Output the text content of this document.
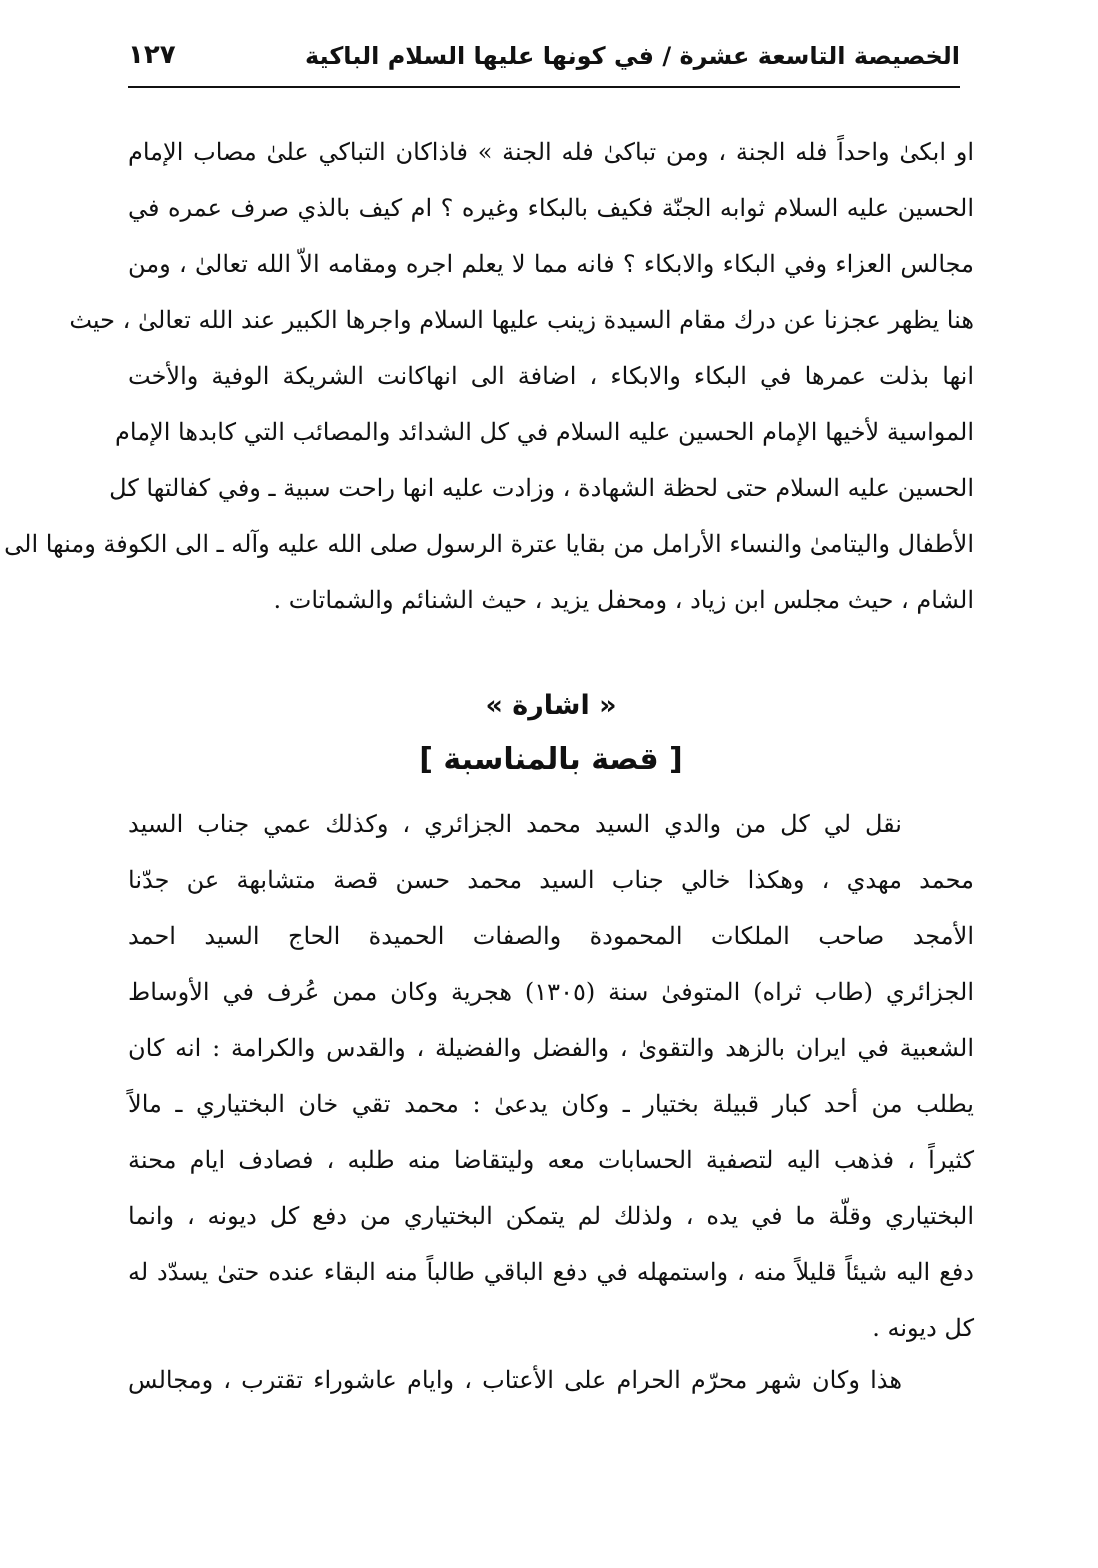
الخصيصة التاسعة عشرة / في كونها عليها السلام الباكية
١٢٧
او ابكىٰ واحداً فله الجنة ، ومن تباكىٰ فله الجنة » فاذاكان التباكي علىٰ مصاب الإمام
الحسين عليه السلام ثوابه الجنّة فكيف بالبكاء وغيره ؟ ام كيف بالذي صرف عمره في
مجالس العزاء وفي البكاء والابكاء ؟ فانه مما لا يعلم اجره ومقامه الاّ الله تعالىٰ ، ومن
هنا يظهر عجزنا عن درك مقام السيدة زينب عليها السلام واجرها الكبير عند الله تعالىٰ ، حيث
انها بذلت عمرها في البكاء والابكاء ، اضافة الى انهاكانت الشريكة الوفية والأخت
المواسية لأخيها الإمام الحسين عليه السلام في كل الشدائد والمصائب التي كابدها الإمام
الحسين عليه السلام حتى لحظة الشهادة ، وزادت عليه انها راحت سبية ـ وفي كفالتها كل
الأطفال واليتامىٰ والنساء الأرامل من بقايا عترة الرسول صلى الله عليه وآله ـ الى الكوفة ومنها الى
الشام ، حيث مجلس ابن زياد ، ومحفل يزيد ، حيث الشنائم والشماتات .
« اشارة »
[ قصة بالمناسبة ]
نقل لي كل من والدي السيد محمد الجزائري ، وكذلك عمي جناب السيد
محمد مهدي ، وهكذا خالي جناب السيد محمد حسن قصة متشابهة عن جدّنا
الأمجد صاحب الملكات المحمودة والصفات الحميدة الحاج السيد احمد
الجزائري (طاب ثراه) المتوفىٰ سنة (١٣٠٥) هجرية وكان ممن عُرف في الأوساط
الشعبية في ايران بالزهد والتقوىٰ ، والفضل والفضيلة ، والقدس والكرامة : انه كان
يطلب من أحد كبار قبيلة بختيار ـ وكان يدعىٰ : محمد تقي خان البختياري ـ مالاً
كثيراً ، فذهب اليه لتصفية الحسابات معه وليتقاضا منه طلبه ، فصادف ايام محنة
البختياري وقلّة ما في يده ، ولذلك لم يتمكن البختياري من دفع كل ديونه ، وانما
دفع اليه شيئاً قليلاً منه ، واستمهله في دفع الباقي طالباً منه البقاء عنده حتىٰ يسدّد له
كل ديونه .
هذا وكان شهر محرّم الحرام على الأعتاب ، وايام عاشوراء تقترب ، ومجالس
